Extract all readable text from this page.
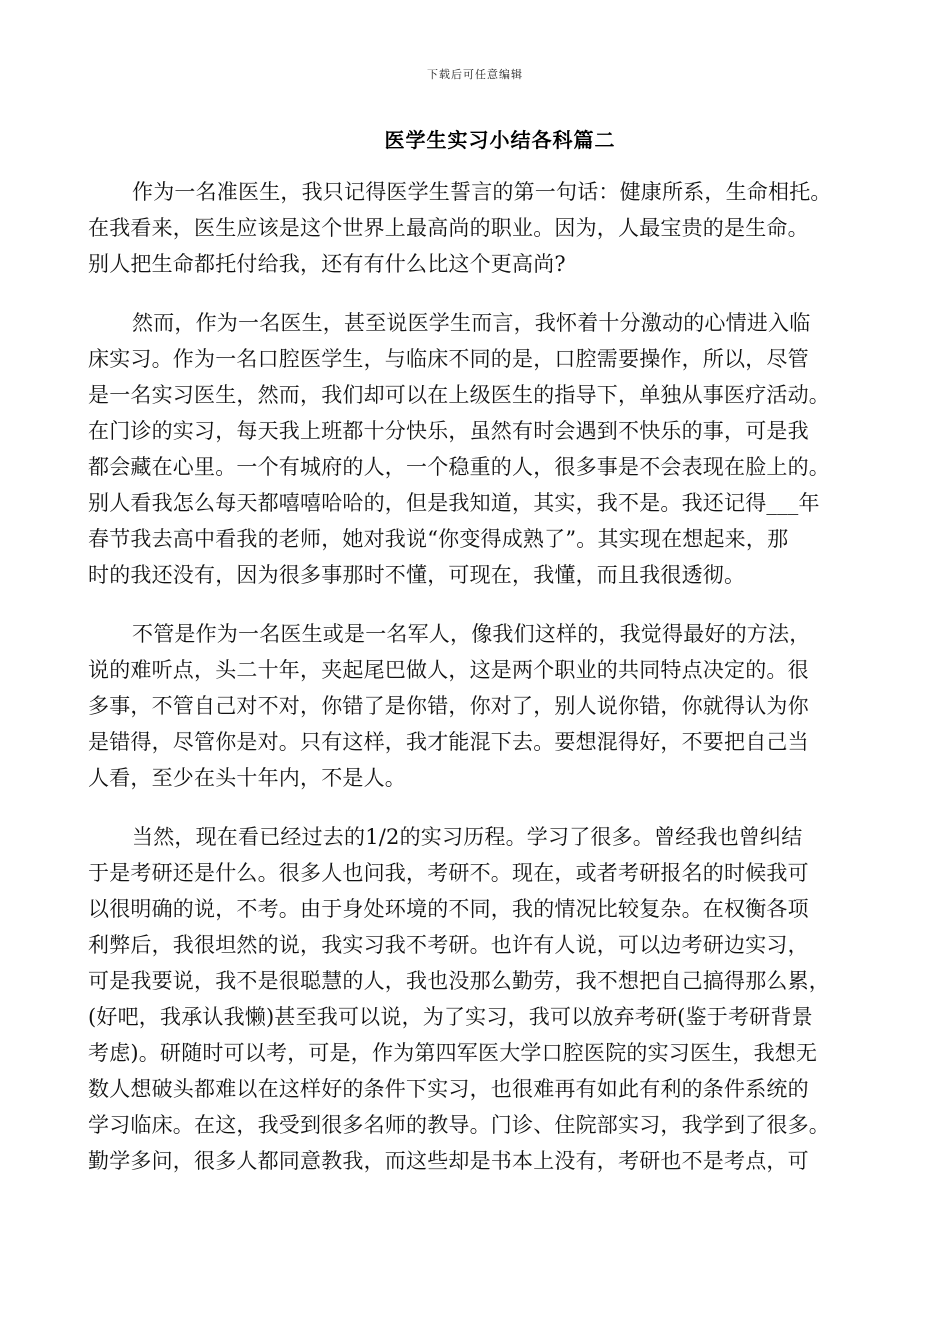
下载后可任意编辑
医学生实习小结各科篇二
作为一名准医生，我只记得医学生誓言的第一句话：健康所系，生命相托。
在我看来，医生应该是这个世界上最高尚的职业。因为，人最宝贵的是生命。
别人把生命都托付给我，还有有什么比这个更高尚?
然而，作为一名医生，甚至说医学生而言，我怀着十分激动的心情进入临
床实习。作为一名口腔医学生，与临床不同的是，口腔需要操作，所以，尽管
是一名实习医生，然而，我们却可以在上级医生的指导下，单独从事医疗活动。
在门诊的实习，每天我上班都十分快乐，虽然有时会遇到不快乐的事，可是我
都会藏在心里。一个有城府的人，一个稳重的人，很多事是不会表现在脸上的。
别人看我怎么每天都嘻嘻哈哈的，但是我知道，其实，我不是。我还记得___年
春节我去高中看我的老师，她对我说“你变得成熟了”。其实现在想起来，那
时的我还没有，因为很多事那时不懂，可现在，我懂，而且我很透彻。
不管是作为一名医生或是一名军人，像我们这样的，我觉得最好的方法，
说的难听点，头二十年，夹起尾巴做人，这是两个职业的共同特点决定的。很
多事，不管自己对不对，你错了是你错，你对了，别人说你错，你就得认为你
是错得，尽管你是对。只有这样，我才能混下去。要想混得好，不要把自己当
人看，至少在头十年内，不是人。
当然，现在看已经过去的1/2的实习历程。学习了很多。曾经我也曾纠结
于是考研还是什么。很多人也问我，考研不。现在，或者考研报名的时候我可
以很明确的说，不考。由于身处环境的不同，我的情况比较复杂。在权衡各项
利弊后，我很坦然的说，我实习我不考研。也许有人说，可以边考研边实习，
可是我要说，我不是很聪慧的人，我也没那么勤劳，我不想把自己搞得那么累，
(好吧，我承认我懒)甚至我可以说，为了实习，我可以放弃考研(鉴于考研背景
考虑)。研随时可以考，可是，作为第四军医大学口腔医院的实习医生，我想无
数人想破头都难以在这样好的条件下实习，也很难再有如此有利的条件系统的
学习临床。在这，我受到很多名师的教导。门诊、住院部实习，我学到了很多。
勤学多问，很多人都同意教我，而这些却是书本上没有，考研也不是考点，可
